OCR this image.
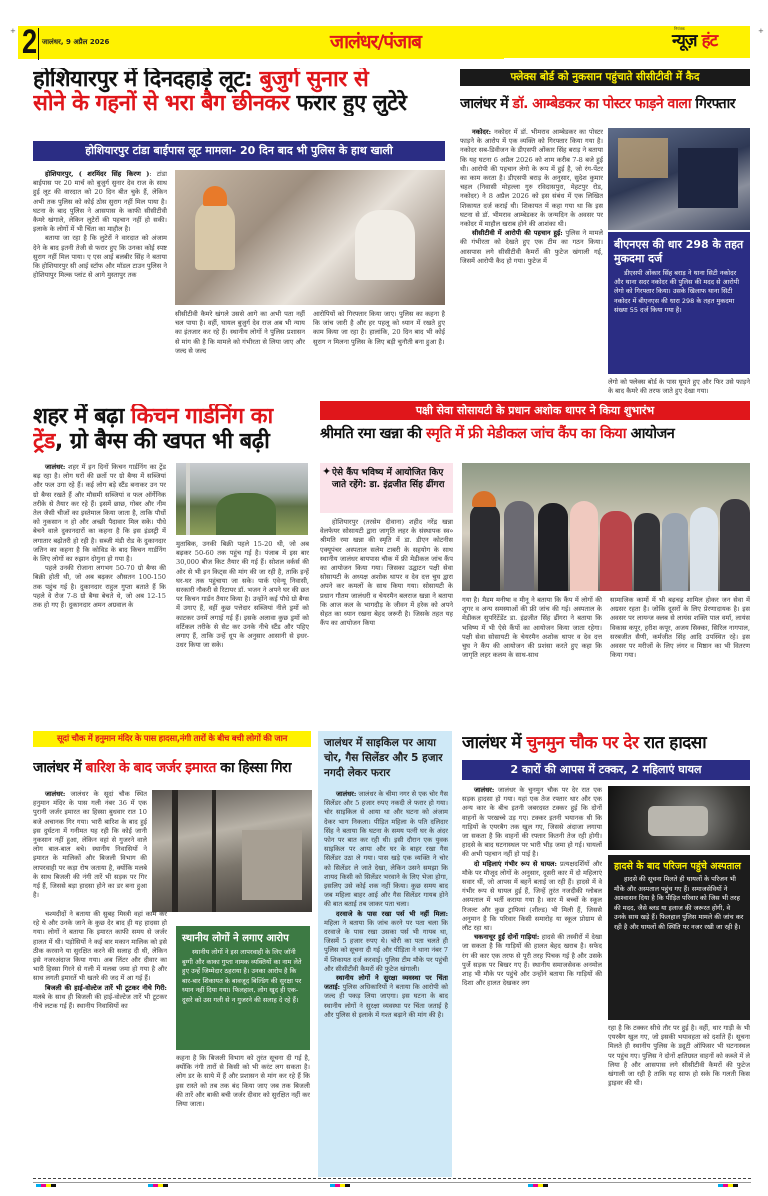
+ 2 जालंधर, 9 अप्रैल 2026	जालंधर/पंजाब
नियंत्रक
न्यूज़ हंट	+
होशियारपुर में दिनदहाड़े लूट: बुजुर्ग सुनार से
सोने के गहनों से भरा बैग छीनकर फरार हुए लुटेरे
होशियारपुर टांडा बाईपास लूट मामला- 20 दिन बाद भी पुलिस के हाथ खाली

होशियारपुर, ( शरमिंदर सिंह किरण ): टांडा बाईपास पर 20 मार्च को बुजुर्ग सुनार देव राज के साथ हुई लूट की वारदात को 20 दिन बीत चुके हैं, लेकिन अभी तक पुलिस को कोई ठोस सुराग नहीं मिल पाया है। घटना के बाद पुलिस ने आसपास के काफी सीसीटीवी कैमरे खंगाले, लेकिन लुटेरों की पहचान नहीं हो सकी। इलाके के लोगों में भी चिंता का माहौल है।

बताया जा रहा है कि लुटेरों ने वारदात को अंजाम देने के बाद इतनी तेजी से फरार हुए कि उनका कोई स्पष्ट सुराग नहीं मिल पाया। ए एस आई बलबीर सिंह ने बताया कि होशियारपुर सी आई स्टॉफ और मॉडल टाउन पुलिस ने होशियापुर मिल्क प्लांट से आगे मुस्तापुर तक

सीसीटीवी कैमरे खंगले उससे आगे का अभी पता नहीं चल पाया है। वहीं, घायल बुजुर्ग देव राज अब भी न्याय का इंतजार कर रहे हैं। स्थानीय लोगों ने पुलिस प्रशासन से मांग की है कि मामले को गंभीरता से लिया जाए और जल्द से जल्द
आरोपियों को गिरफ्तार किया जाए। पुलिस का कहना है कि जांच जारी है और हर पहलू को ध्यान में रखते हुए काम किया जा रहा है। हालांकि, 20 दिन बाद भी कोई सुराग न मिलना पुलिस के लिए बड़ी चुनौती बना हुआ है।
फ्लेक्स बोर्ड को नुकसान पहुंचाते सीसीटीवी में कैद
जालंधर में डॉ. आम्बेडकर का पोस्टर फाड़ने वाला गिरफ्तार

नकोदर: नकोदर में डॉ. भीमराव आम्बेडकर का पोस्टर फाड़ने के आरोप में एक व्यक्ति को गिरफ्तार किया गया है। नकोदर सब-डिवीजन के डीएसपी ओंकार सिंह बराड़ ने बताया कि यह घटना 6 अप्रैल 2026 को शाम करीब 7-8 बजे हुई थी। आरोपी की पहचान लेगो के रूप में हुई है, जो रंग-पेंटर का काम करता है। डीएसपी बराड़ के अनुसार, सुदेश कुमार चहल (निवासी मोहल्ला गुरु रविदासपुरा, मेहटपुर रोड, नकोदर) ने 8 अप्रैल 2026 को इस संबंध में एक लिखित शिकायत दर्ज कराई थी। शिकायत में कहा गया था कि इस घटना से डॉ. भीमराव आम्बेडकर के जन्मदिन के अवसर पर नकोदर में माहौल खराब होने की आशंका थी।

सीसीटीवी में आरोपी की पहचान हुई: पुलिस ने मामले की गंभीरता को देखते हुए एक टीम का गठन किया। आसपास लगे सीसीटीवी कैमरों की फुटेज खंगाली गई, जिसमें आरोपी कैद हो गया। फुटेज में

बीएनएस की धार 298 के तहत मुकदमा दर्ज
डीएसपी ओंकार सिंह बराड़ ने थाना सिटी नकोदर और थाना सदर नकोदर की पुलिस की मदद से आरोपी लेगो को गिरफ्तार किया। उसके खिलाफ थाना सिटी नकोदर में बीएनएस की धारा 298 के तहत मुकदमा संख्या 55 दर्ज किया गया है।
लेगो को फ्लेक्स बोर्ड के पास घूमते हुए और फिर उसे फाड़ने के बाद कैमरे की तरफ जाते हुए देखा गया।
शहर में बढ़ा किचन गार्डनिंग का
ट्रेंड, ग्रो बैग्स की खपत भी बढ़ी

जालंधर: शहर में इन दिनों किचन गार्डनिंग का ट्रेंड बढ़ रहा है। लोग घरों की छतों पर ग्रो बैग्स में सब्जियां और फल उगा रहे हैं। कई लोग बड़े स्टैंड बनाकर उन पर ग्रो बैग्स रखते हैं और मौसमी सब्जियां व फल ऑर्गेनिक तरीके से तैयार कर रहे हैं। इसमें छाछ, गोबर और नीम तेल जैसी चीजों का इस्तेमाल किया जाता है, ताकि पौधों को नुकसान न हो और अच्छी पैदावार मिल सके। पौधे बेचने वाले दुकानदारों का कहना है कि इस इंडस्ट्री में लगातार बढ़ोतरी हो रही है। सब्जी मंडी रोड के दुकानदार जतिन का कहना है कि कोविड के बाद किचन गार्डनिंग के लिए लोगों का रुझान दोगुना हो गया है।

पहले उनकी रोजाना लगभग 50-70 ग्रो बैग्स की बिक्री होती थी, जो अब बढ़कर औसतन 100-150 तक पहुंच गई है। दुकानदार राहुल गुप्ता बताते हैं कि पहले वे रोज 7-8 ग्रो बैग्स बेचते थे, जो अब 12-15 तक हो गए हैं। दुकानदार अमन अग्रवाल के

मुताबिक, उनकी बिक्री पहले 15-20 थी, जो अब बढ़कर 50-60 तक पहुंच गई है। पंजाब में इस बार 30,000 बीज किट तैयार की गई हैं। सोशल वर्कर्स की ओर से भी इन किट्स की मांग की जा रही है, ताकि इन्हें घर-घर तक पहुंचाया जा सके। पार्क एवेन्यू निवासी, सरकारी नौकरी से रिटायर डॉ. भजन ने अपने घर की छत पर किचन गार्डन तैयार किया है। उन्होंने कई पौधे ग्रो बैग्स में उगाए हैं, वहीं कुछ पत्तेदार सब्जियां नीले ड्रमों को काटकर उनमें लगाई गई हैं। इसके अलावा कुछ ड्रमों को वर्टिकल तरीके से सेट कर उनके नीचे स्टैंड और पहिए लगाए हैं, ताकि उन्हें धूप के अनुसार आसानी से इधर-उधर किया जा सके।
पक्षी सेवा सोसायटी के प्रधान अशोक थापर ने किया शुभारंभ
श्रीमति रमा खन्ना की स्मृति में फ्री मेडीकल जांच कैंप का किया आयोजन
✦ ऐसे कैंप भविष्य में आयोजित किए जाते रहेंगे: डा. इंद्रजीत सिंह ढींगरा

होशियारपुर (तरसेम दीवाना) शहीद नरेंद्र खन्ना वेलफेयर सोसायटी द्वारा जागृति लहर के संस्थापक स्व० श्रीमति रमा खन्ना की स्मृति में डा. डीएन कोटनीस एक्यूपंचर अस्पताल सलेम टाबरी के सहयोग के साथ स्थानीय जालंधर बायपास चौक में फ्री मेडीकल जांच कैंप का आयोजन किया गया। जिसका उद्घाटन पक्षी सेवा सोसायटी के अध्यक्ष अशोक थापर व देव दत्त चुघ द्वारा अपने कर कमलों के साथ किया गया। सोसायटी के प्रधान गौतम जालंधरी व चेयरमैन बलराज खन्ना ने बताया कि आज कल के भागदौड़ के जीवन में हरेक को अपने सेहत का ध्यान रखना बेहद जरूरी है। जिसके तहत यह कैंप का आयोजन किया

गया है। मैडम मनीषा व मीनू ने बताया कि कैंप में लोगों की शूगर व अन्य समस्याओं की फ्री जांच की गई। अस्पताल के मेडीकल सुपरिंटेंडेंट डा. इंद्रजीत सिंह ढींगरा ने बताया कि भविष्य में भी ऐसे कैंपों का आयोजन किया जाता रहेगा। पक्षी सेवा सोसायटी के चेयरमैन अशोक थापर व देव दत्त चुघ ने कैंप की आयोजन की प्रशंसा करते हुए कहा कि जागृति लहर कलम के साथ-साथ
सामाजिक कामों में भी बढ़चढ़ शामिल होकर जन सेवा में अग्रसर रहता है। जोकि दूसरों के लिए प्रेरणादायक है। इस अवसर पर लायन्ज क्लब से लायंस शक्ति पाल वर्मा, लायंस विकास कपूर, हरीश कपूर, अजय सिक्का, सिरिल नागपाल, सरबजीत सैणी, कर्मजीत सिंह आदि उपस्थित रहे। इस अवसर पर मरीजों के लिए लंगर व मिष्ठान का भी वितरण किया गया।
सूदां चौक में हनुमान मंदिर के पास हादसा,नंगी तारों के बीच बची लोगों की जान
जालंधर में बारिश के बाद जर्जर इमारत का हिस्सा गिरा

जालंधर: जालंधर के सूदां चौक स्थित हनुमान मंदिर के पास गली नंबर 36 में एक पुरानी जर्जर इमारत का हिस्सा बुधवार रात 10 बजे अचानक गिर गया। भारी बारिश के बाद हुई इस दुर्घटना में गनीमत यह रही कि कोई जानी नुकसान नहीं हुआ, लेकिन वहां से गुजरने वाले लोग बाल-बाल बचे। स्थानीय निवासियों ने इमारत के मालिकों और बिजली विभाग की लापरवाही पर कड़ा रोष जताया है, क्योंकि मलबे के साथ बिजली की नंगी तारें भी सड़क पर गिर गई हैं, जिससे बड़ा हादसा होने का डर बना हुआ है।

चश्मदीदों ने बताया की सुबह मिस्त्री वहां काम कर रहे थे और उनके जाने के कुछ देर बाद ही यह हादसा हो गया। लोगों ने बताया कि इमारत काफी समय से जर्जर हालत में थी। पड़ोसियों ने कई बार मकान मालिक को इसे ठीक करवाने या सुरक्षित करने की सलाह दी थी, लेकिन इसे नजरअंदाज किया गया। अब लिंटर और दीवार का भारी हिस्सा गिरने से गली में मलबा जमा हो गया है और साथ लगती इमारतें भी खतरे की जद में आ गई हैं।

बिजली की हाई-वोल्टेज तारें भी टूटकर नीचे गिरी: मलबे के साथ ही बिजली की हाई-वोल्टेज तारें भी टूटकर नीचे लटक गई हैं। स्थानीय निवासियों का

स्थानीय लोगों ने लगाए आरोप
स्थानीय लोगों ने इस लापरवाही के लिए जॉनी बुग्गी और काका गुप्ता नामक व्यक्तियों का नाम लेते हुए उन्हें जिम्मेदार ठहराया है। उनका आरोप है कि बार-बार शिकायत के बावजूद बिल्डिंग की सुरक्षा पर ध्यान नहीं दिया गया। फिलहाल, लोग खुद ही एक-दूसरे को उस गली से न गुजरने की सलाह दे रहे हैं।
कहना है कि बिजली विभाग को तुरंत सूचना दी गई है, क्योंकि नंगी तारों से किसी को भी करंट लग सकता है। लोग डर के साये में हैं और प्रशासन से मांग कर रहे हैं कि इस रास्ते को तब तक बंद किया जाए जब तक बिजली की तारें और बाकी बची जर्जर दीवार को सुरक्षित नहीं कर लिया जाता।
जालंधर में साइकिल पर आया चोर, गैस सिलेंडर और 5 हजार नगदी लेकर फरार

जालंधर: जालंधर के चीमा नगर से एक चोर गैस सिलेंडर और 5 हजार रुपए नकदी ले फरार हो गया। चोर साइकिल से आया था और घटना को अंजाम देकर भाग निकला। पीड़ित महिला के पति दलिदार सिंह ने बताया कि घटना के समय पत्नी घर के अंदर फोन पर बात कर रही थी। इसी दौरान एक युवक साइकिल पर आया और घर के बाहर रखा गैस सिलेंडर उठा ले गया। पास खड़े एक व्यक्ति ने चोर को सिलेंडर ले जाते देखा, लेकिन उसने समझा कि शायद किसी को सिलेंडर भरवाने के लिए भेजा होगा, इसलिए उसे कोई शक नहीं किया। कुछ समय बाद जब महिला बाहर आई और गैस सिलेंडर गायब होने की बात बताई तब जाकर पता चला।

दरवाजे के पास रखा पर्स भी नहीं मिला: महिला ने बताया कि जांच करने पर पता चला कि दरवाजे के पास रखा उसका पर्स भी गायब था, जिसमें 5 हजार रुपए थे। चोरी का पता चलते ही पुलिस को सूचना दी गई और पीड़िता ने थाना नंबर 7 में शिकायत दर्ज करवाई। पुलिस टीम मौके पर पहुंची और सीसीटीवी कैमरों की फुटेज खंगाली।

स्थानीय लोगों ने सुरक्षा व्यवस्था पर चिंता जताई: पुलिस अधिकारियों ने बताया कि आरोपी को जल्द ही पकड़ लिया जाएगा। इस घटना के बाद स्थानीय लोगों ने सुरक्षा व्यवस्था पर चिंता जताई है और पुलिस से इलाके में गश्त बढ़ाने की मांग की है।

जालंधर में चुनमुन चौक पर देर रात हादसा
2 कारों की आपस में टक्कर, 2 महिलाएं घायल

जालंधर: जालंधर के चुनमुन चौक पर देर रात एक सड़क हादसा हो गया। यहां एक तेज रफ्तार थार और एक अन्य कार के बीच इतनी जबरदस्त टक्कर हुई कि दोनों वाहनों के परखच्चे उड़ गए। टक्कर इतनी भयानक थी कि गाड़ियों के एयरबैग तक खुल गए, जिससे अंदाजा लगाया जा सकता है कि वाहनों की रफ्तार कितनी तेज रही होगी। हादसे के बाद घटनास्थल पर भारी भीड़ जमा हो गई। घायलों की अभी पहचान नहीं हो पाई है।

दो महिलाएं गंभीर रूप से घायल: प्रत्यक्षदर्शियों और मौके पर मौजूद लोगों के अनुसार, दूसरी कार में दो महिलाएं सवार थीं, जो आपस में बहनें बताई जा रही हैं। हादसे में वे गंभीर रूप से घायल हुई हैं, जिन्हें तुरंत नजदीकी ग्लोबल अस्पताल में भर्ती कराया गया है। कार में बच्चों के स्कूल रिजल्ट और कुछ ट्राफियां (शील्ड) भी मिली हैं, जिससे अनुमान है कि परिवार किसी समारोह या स्कूल प्रोग्राम से लौट रहा था।

चकनाचूर हुईं दोनों गाड़ियां: हादसे की तस्वीरों में देखा जा सकता है कि गाड़ियों की हालत बेहद खराब है। सफेद रंग की कार एक तरफ से पूरी तरह पिचक गई है और उसके पुर्जे सड़क पर बिखर गए हैं। स्थानीय समाजसेवक अनमोल शाह भी मौके पर पहुंचे और उन्होंने बताया कि गाड़ियों की दिशा और हालत देखकर लग

हादसे के बाद परिजन पहुंचे अस्पताल
हादसे की सूचना मिलते ही घायलों के परिजन भी मौके और अस्पताल पहुंच गए हैं। समाजसेवियों ने आश्वासन दिया है कि पीड़ित परिवार को जिस भी तरह की मदद, जैसे ब्लड या इलाज की जरूरत होगी, वे उनके साथ खड़े हैं। फिलहाल पुलिस मामले की जांच कर रही है और घायलों की स्थिति पर नजर रखी जा रही है।
रहा है कि टक्कर सीधे तौर पर हुई है। वहीं, थार गाड़ी के भी एयरबैग खुल गए, जो इसकी भयावहता को दर्शाते हैं। सूचना मिलते ही स्थानीय पुलिस के ड्यूटी ऑफिसर भी घटनास्थल पर पहुंच गए। पुलिस ने दोनों क्षतिग्रस्त वाहनों को कब्जे में ले लिया है और आसपास लगे सीसीटीवी कैमरों की फुटेज खंगाली जा रही है ताकि यह साफ हो सके कि गलती किस ड्राइवर की थी।
